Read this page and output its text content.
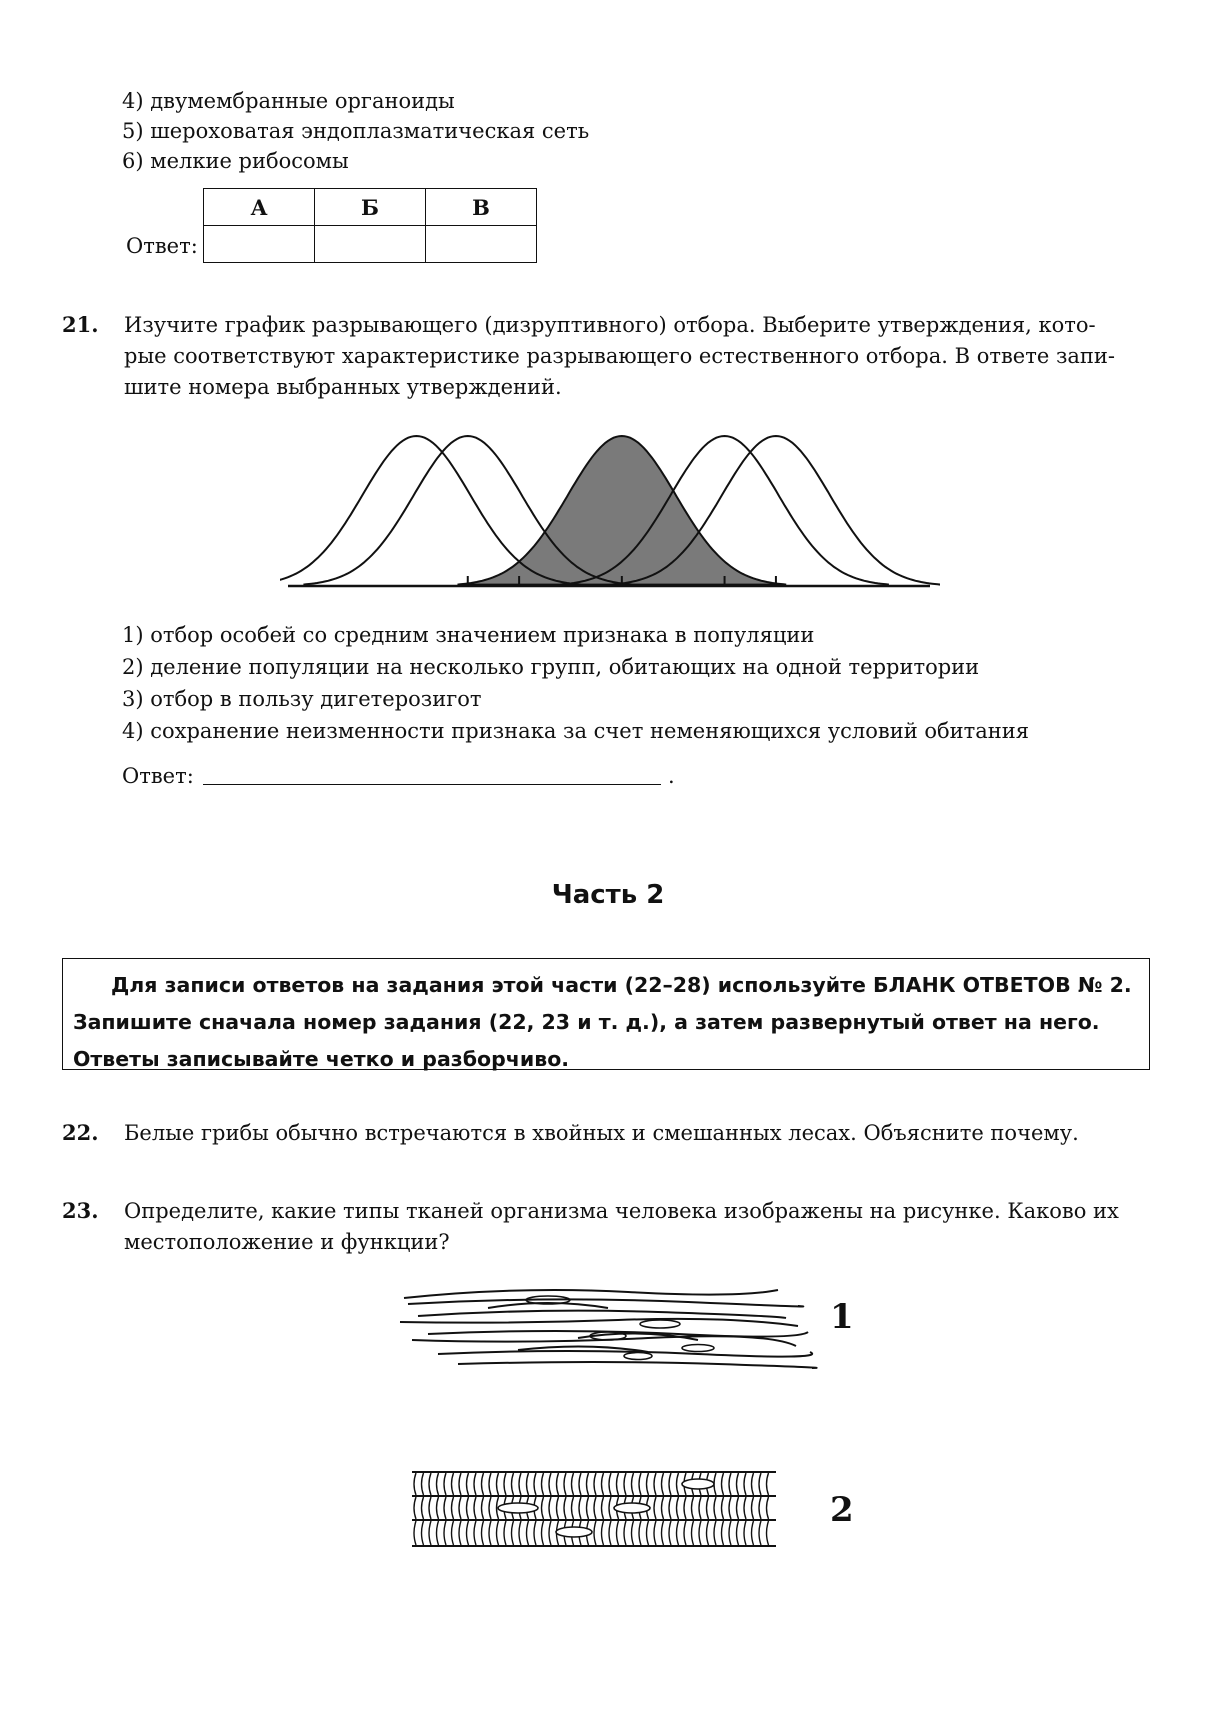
4) двумембранные органоиды
5) шероховатая эндоплазматическая сеть
6) мелкие рибосомы
Ответ:
А	Б	В

21. Изучите график разрывающего (дизруптивного) отбора. Выберите утверждения, кото-
рые соответствуют характеристике разрывающего естественного отбора. В ответе запи-
шите номера выбранных утверждений.
1) отбор особей со средним значением признака в популяции
2) деление популяции на несколько групп, обитающих на одной территории
3) отбор в пользу дигетерозигот
4) сохранение неизменности признака за счет неменяющихся условий обитания
Ответ:	.
Часть 2
Для записи ответов на задания этой части (22–28) используйте БЛАНК ОТВЕТОВ № 2.
Запишите сначала номер задания (22, 23 и т. д.), а затем развернутый ответ на него.
Ответы записывайте четко и разборчиво.
22. Белые грибы обычно встречаются в хвойных и смешанных лесах. Объясните почему.
23. Определите, какие типы тканей организма человека изображены на рисунке. Каково их
местоположение и функции?
1
2
